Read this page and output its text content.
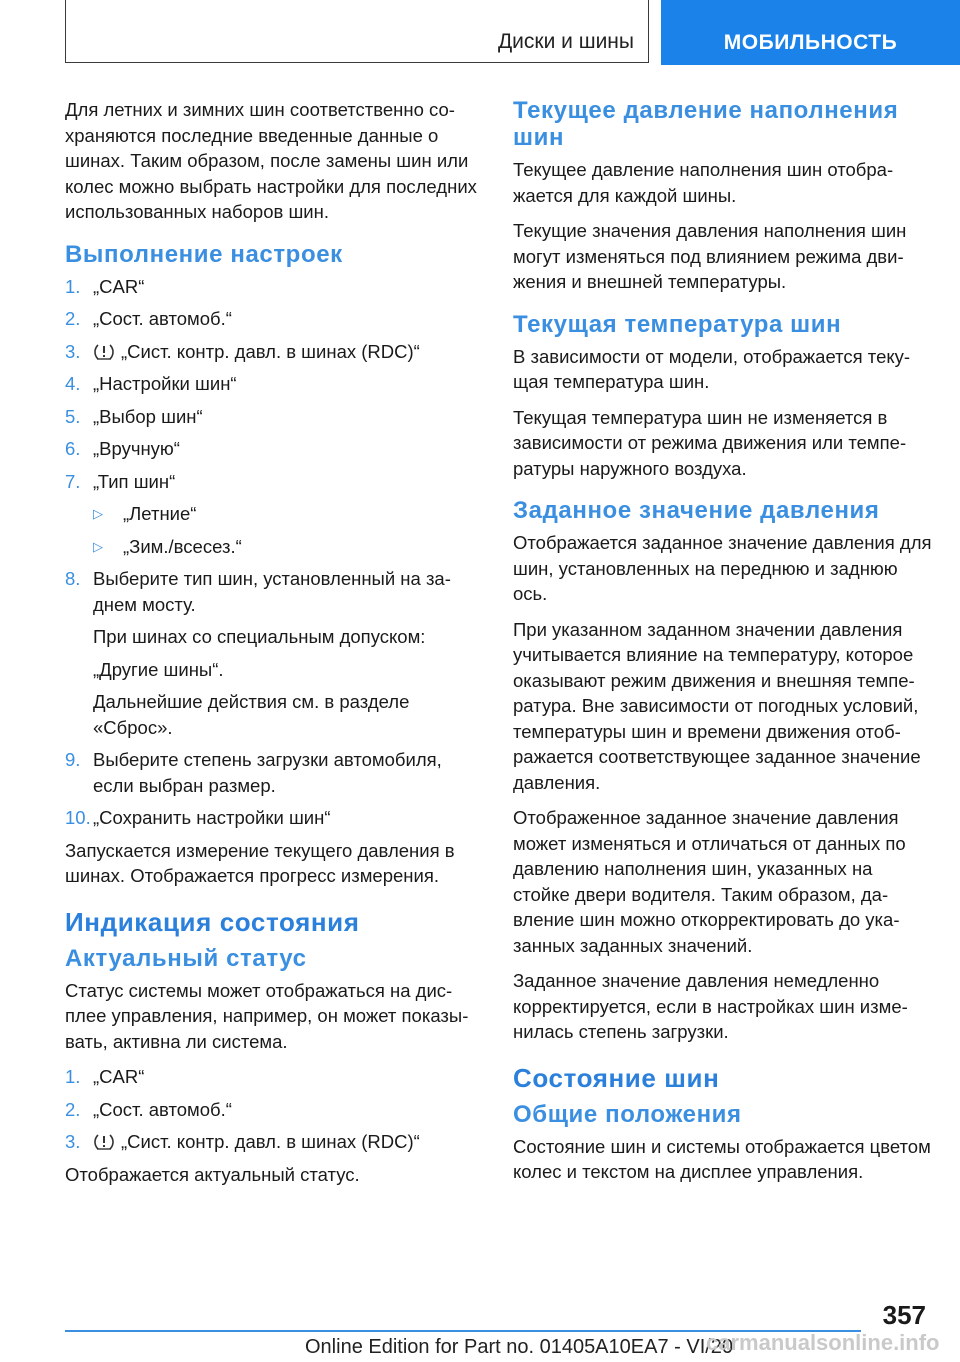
Диски и шины	МОБИЛЬНОСТЬ

Для летних и зимних шин соответственно сохраняются последние введенные данные о шинах. Таким образом, после замены шин или колес можно выбрать настройки для последних использованных наборов шин.

Выполнение настроек
1. „CAR“
2. „Сост. автомоб.“
3. „Сист. контр. давл. в шинах (RDC)“
4. „Настройки шин“
5. „Выбор шин“
6. „Вручную“
7. „Тип шин“
▷ „Летние“
▷ „Зим./всесез.“
8. Выберите тип шин, установленный на заднем мосту.
При шинах со специальным допуском:
„Другие шины“.
Дальнейшие действия см. в разделе «Сброс».
9. Выберите степень загрузки автомобиля, если выбран размер.
10. „Сохранить настройки шин“

Запускается измерение текущего давления в шинах. Отображается прогресс измерения.

Индикация состояния
Актуальный статус

Статус системы может отображаться на дисплее управления, например, он может показывать, активна ли система.

1. „CAR“
2. „Сост. автомоб.“
3. „Сист. контр. давл. в шинах (RDC)“

Отображается актуальный статус.

Текущее давление наполнения шин

Текущее давление наполнения шин отображается для каждой шины.

Текущие значения давления наполнения шин могут изменяться под влиянием режима движения и внешней температуры.

Текущая температура шин

В зависимости от модели, отображается текущая температура шин.

Текущая температура шин не изменяется в зависимости от режима движения или температуры наружного воздуха.

Заданное значение давления

Отображается заданное значение давления для шин, установленных на переднюю и заднюю ось.

При указанном заданном значении давления учитывается влияние на температуру, которое оказывают режим движения и внешняя температура. Вне зависимости от погодных условий, температуры шин и времени движения отображается соответствующее заданное значение давления.

Отображенное заданное значение давления может изменяться и отличаться от данных по давлению наполнения шин, указанных на стойке двери водителя. Таким образом, давление шин можно откорректировать до указанных заданных значений.

Заданное значение давления немедленно корректируется, если в настройках шин изменилась степень загрузки.

Состояние шин
Общие положения

Состояние шин и системы отображается цветом колес и текстом на дисплее управления.

357
Online Edition for Part no. 01405A10EA7 - VI/20
carmanualsonline.info
